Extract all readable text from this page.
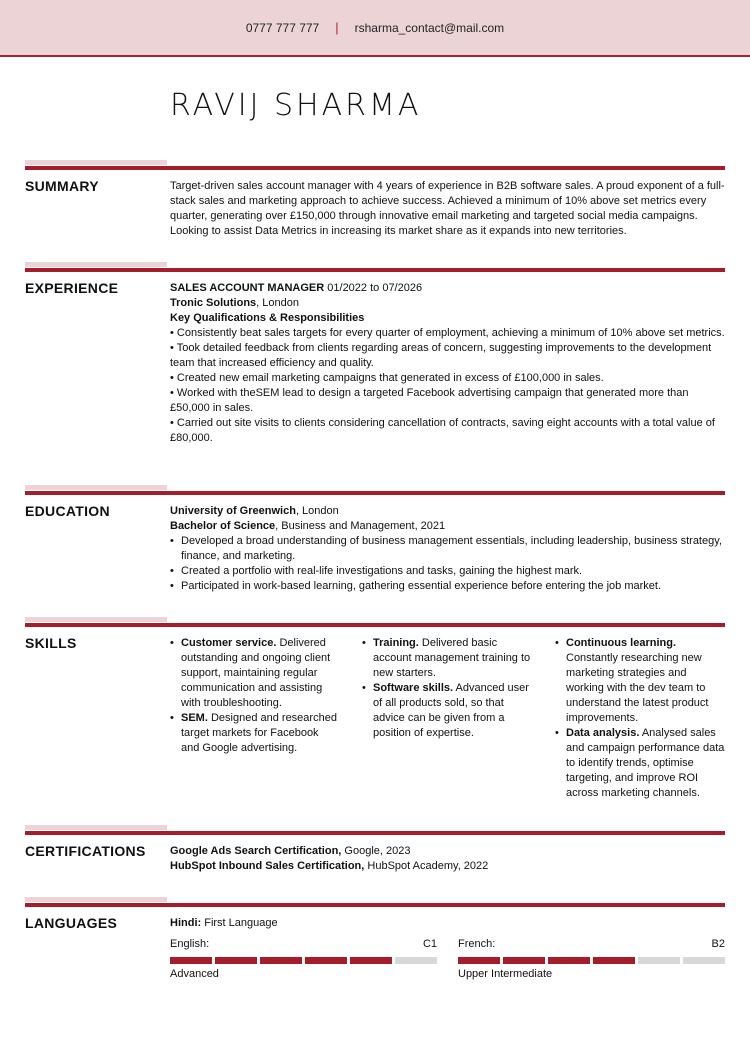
0777 777 777 | rsharma_contact@mail.com
RAVIJ SHARMA
SUMMARY	Target-driven sales account manager with 4 years of experience in B2B software sales. A proud exponent of a full-stack sales and marketing approach to achieve success. Achieved a minimum of 10% above set metrics every quarter, generating over £150,000 through innovative email marketing and targeted social media campaigns. Looking to assist Data Metrics in increasing its market share as it expands into new territories.
EXPERIENCE	SALES ACCOUNT MANAGER 01/2022 to 07/2026
Tronic Solutions, London
Key Qualifications & Responsibilities
• Consistently beat sales targets for every quarter of employment, achieving a minimum of 10% above set metrics.
• Took detailed feedback from clients regarding areas of concern, suggesting improvements to the development team that increased efficiency and quality.
• Created new email marketing campaigns that generated in excess of £100,000 in sales.
• Worked with theSEM lead to design a targeted Facebook advertising campaign that generated more than £50,000 in sales.
• Carried out site visits to clients considering cancellation of contracts, saving eight accounts with a total value of £80,000.
EDUCATION	University of Greenwich, London
Bachelor of Science, Business and Management, 2021
• Developed a broad understanding of business management essentials, including leadership, business strategy, finance, and marketing.
• Created a portfolio with real-life investigations and tasks, gaining the highest mark.
• Participated in work-based learning, gathering essential experience before entering the job market.
SKILLS
•	Customer service. Delivered outstanding and ongoing client support, maintaining regular communication and assisting with troubleshooting.
• SEM. Designed and researched target markets for Facebook and Google advertising.
• Training. Delivered basic account management training to new starters.
• Software skills. Advanced user of all products sold, so that advice can be given from a position of expertise.
• Continuous learning. Constantly researching new marketing strategies and working with the dev team to understand the latest product improvements.
• Data analysis. Analysed sales and campaign performance data to identify trends, optimise targeting, and improve ROI across marketing channels.
CERTIFICATIONS Google Ads Search Certification, Google, 2023
HubSpot Inbound Sales Certification, HubSpot Academy, 2022
LANGUAGES	Hindi: First Language
English:	C1
Advanced
French:	B2
Upper Intermediate
